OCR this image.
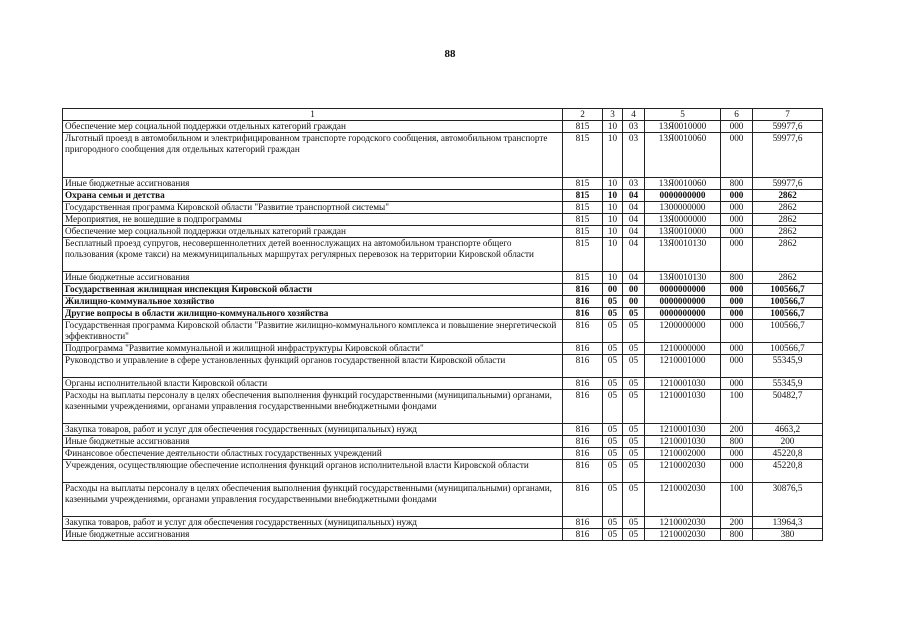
88
1	2	3	4	5	6	7
Обеспечение мер социальной поддержки отдельных категорий граждан	815	10	03	13Я0010000	000	59977,6
Льготный проезд в автомобильном и электрифицированном транспорте городского сообщения, автомобильном транспорте пригородного сообщения для отдельных категорий граждан	815	10	03	13Я0010060	000	59977,6
Иные бюджетные ассигнования	815	10	03	13Я0010060	800	59977,6
Охрана семьи и детства	815	10	04	0000000000	000	2862
Государственная программа Кировской области "Развитие транспортной системы"	815	10	04	1300000000	000	2862
Мероприятия, не вошедшие в подпрограммы	815	10	04	13Я0000000	000	2862
Обеспечение мер социальной поддержки отдельных категорий граждан	815	10	04	13Я0010000	000	2862
Бесплатный проезд супругов, несовершеннолетних детей военнослужащих на автомобильном транспорте общего пользования (кроме такси) на межмуниципальных маршрутах регулярных перевозок на территории Кировской области	815	10	04	13Я0010130	000	2862
Иные бюджетные ассигнования	815	10	04	13Я0010130	800	2862
Государственная жилищная инспекция Кировской области	816	00	00	0000000000	000	100566,7
Жилищно-коммунальное хозяйство	816	05	00	0000000000	000	100566,7
Другие вопросы в области жилищно-коммунального хозяйства	816	05	05	0000000000	000	100566,7
Государственная программа Кировской области "Развитие жилищно-коммунального комплекса и повышение энергетической эффективности"	816	05	05	1200000000	000	100566,7
Подпрограмма "Развитие коммунальной и жилищной инфраструктуры Кировской области"	816	05	05	1210000000	000	100566,7
Руководство и управление в сфере установленных функций органов государственной власти Кировской области	816	05	05	1210001000	000	55345,9
Органы исполнительной власти Кировской области	816	05	05	1210001030	000	55345,9
Расходы на выплаты персоналу в целях обеспечения выполнения функций государственными (муниципальными) органами, казенными учреждениями, органами управления государственными внебюджетными фондами	816	05	05	1210001030	100	50482,7
Закупка товаров, работ и услуг для обеспечения государственных (муниципальных) нужд	816	05	05	1210001030	200	4663,2
Иные бюджетные ассигнования	816	05	05	1210001030	800	200
Финансовое обеспечение деятельности областных государственных учреждений	816	05	05	1210002000	000	45220,8
Учреждения, осуществляющие обеспечение исполнения функций органов исполнительной власти Кировской области	816	05	05	1210002030	000	45220,8
Расходы на выплаты персоналу в целях обеспечения выполнения функций государственными (муниципальными) органами, казенными учреждениями, органами управления государственными внебюджетными фондами	816	05	05	1210002030	100	30876,5
Закупка товаров, работ и услуг для обеспечения государственных (муниципальных) нужд	816	05	05	1210002030	200	13964,3
Иные бюджетные ассигнования	816	05	05	1210002030	800	380
